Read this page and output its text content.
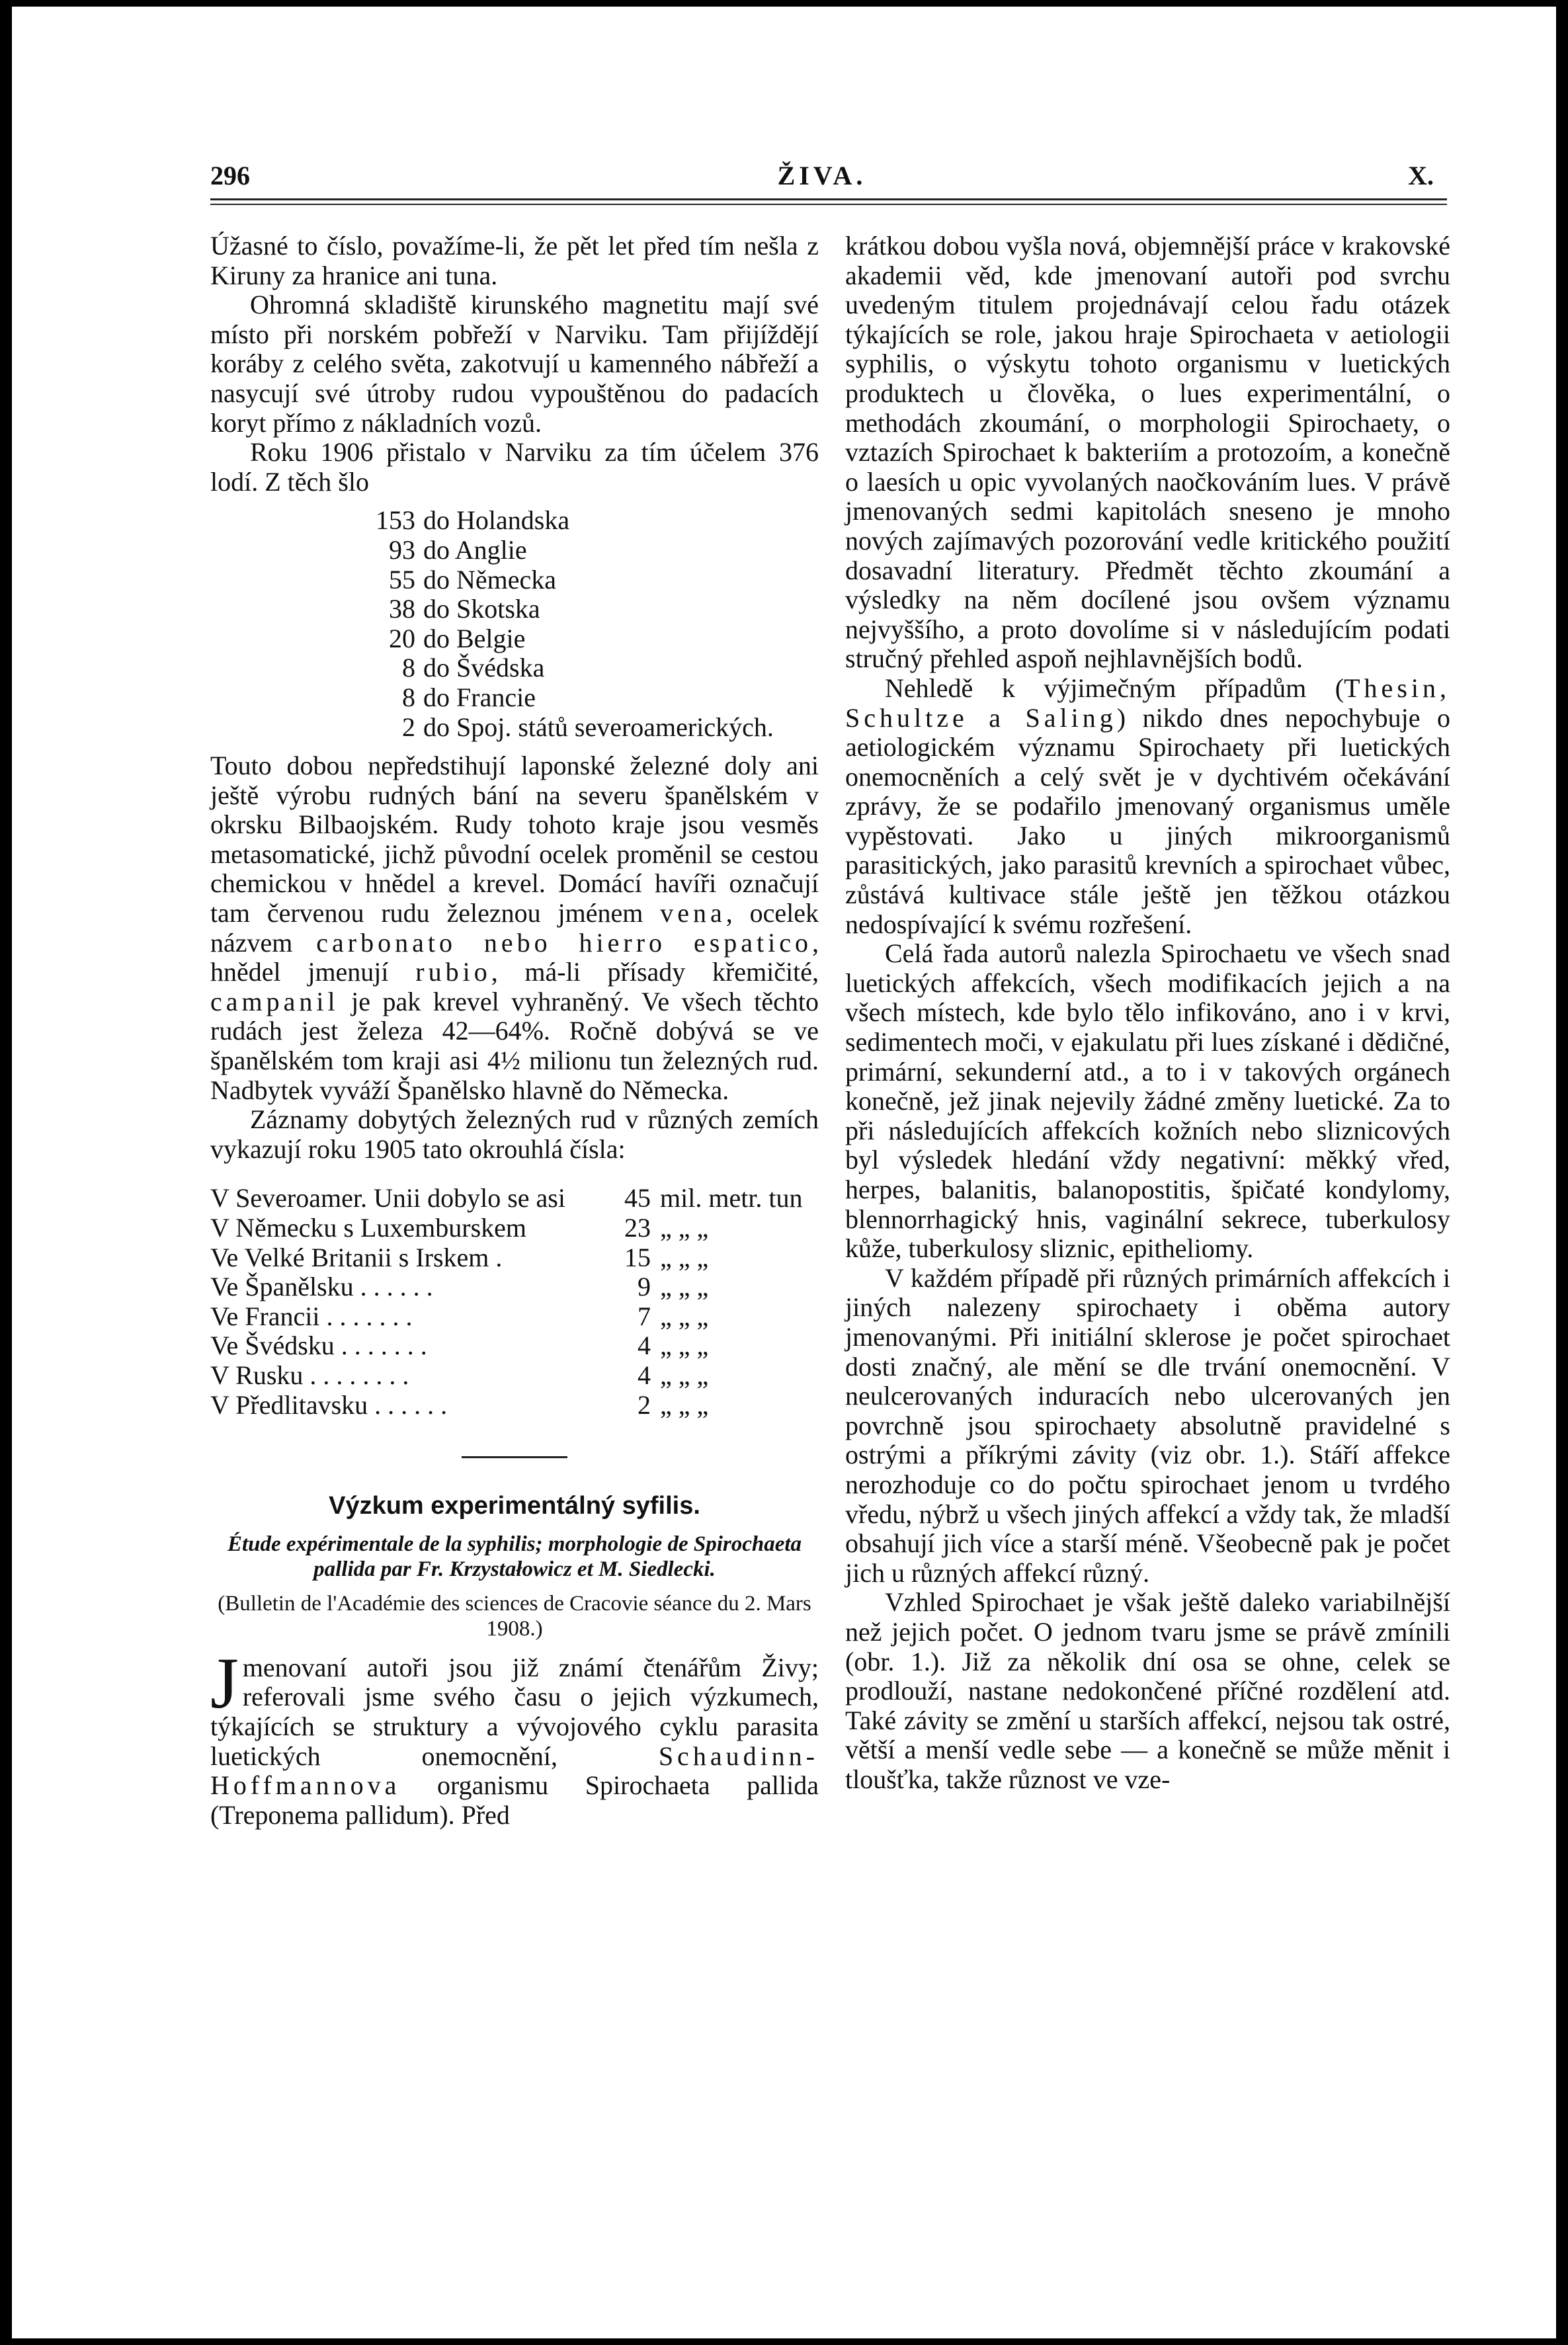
296	ŽIVA.	X.

Úžasné to číslo, považíme-li, že pět let před tím nešla z Kiruny za hranice ani tuna.

Ohromná skladiště kirunského magnetitu mají své místo při norském pobřeží v Narviku. Tam přijíždějí koráby z celého světa, zakotvují u kamenného nábřeží a nasycují své útroby rudou vypouštěnou do padacích koryt přímo z nákladních vozů.

Roku 1906 přistalo v Narviku za tím účelem 376 lodí. Z těch šlo

153 do Holandska
93 do Anglie
55 do Německa
38 do Skotska
20 do Belgie
8 do Švédska
8 do Francie
2 do Spoj. států severoamerických.

Touto dobou nepředstihují laponské železné doly ani ještě výrobu rudných bání na severu španělském v okrsku Bilbaojském. Rudy tohoto kraje jsou vesměs metasomatické, jichž původní ocelek proměnil se cestou chemickou v hnědel a krevel. Domácí havíři označují tam červenou rudu železnou jménem vena, ocelek názvem carbonato nebo hierro espatico, hnědel jmenují rubio, má-li přísady křemičité, campanil je pak krevel vyhraněný. Ve všech těchto rudách jest železa 42—64%. Ročně dobývá se ve španělském tom kraji asi 4½ milionu tun železných rud. Nadbytek vyváží Španělsko hlavně do Německa.

Záznamy dobytých železných rud v různých zemích vykazují roku 1905 tato okrouhlá čísla:

V Severoamer. Unii dobylo se asi	45 mil. metr. tun
V Německu s Luxemburskem	23 „ „ „
Ve Velké Britanii s Irskem .	15 „ „ „
Ve Španělsku . . . . . .	9 „ „ „
Ve Francii . . . . . . .	7 „ „ „
Ve Švédsku . . . . . . .	4 „ „ „
V Rusku . . . . . . . .	4 „ „ „
V Předlitavsku . . . . . .	2 „ „ „
Výzkum experimentálný syfilis.
Étude expérimentale de la syphilis; morphologie de Spirochaeta pallida par Fr. Krzystałowicz et M. Siedlecki.
(Bulletin de l'Académie des sciences de Cracovie séance du 2. Mars 1908.)

Jmenovaní autoři jsou již známí čtenářům Živy; referovali jsme svého času o jejich výzkumech, týkajících se struktury a vývojového cyklu parasita luetických onemocnění,	Schaudinn-Hoffmannova organismu Spirochaeta pallida (Treponema pallidum). Před

krátkou dobou vyšla nová, objemnější práce v krakovské akademii věd, kde jmenovaní autoři pod svrchu uvedeným titulem projednávají celou řadu otázek týkajících se role, jakou hraje Spirochaeta v aetiologii syphilis, o výskytu tohoto organismu v luetických produktech u člověka, o lues experimentální, o methodách zkoumání, o morphologii Spirochaety, o vztazích Spirochaet k bakteriím a protozoím, a konečně o laesích u opic vyvolaných naočkováním lues. V právě jmenovaných sedmi kapitolách sneseno je mnoho nových zajímavých pozorování vedle kritického použití dosavadní literatury. Předmět těchto zkoumání a výsledky na něm docílené jsou ovšem významu nejvyššího, a proto dovolíme si v následujícím podati stručný přehled aspoň nejhlavnějších bodů.

Nehledě k výjimečným případům (Thesin, Schultze a Saling) nikdo dnes nepochybuje o aetiologickém významu Spirochaety při luetických onemocněních a celý svět je v dychtivém očekávání zprávy, že se podařilo jmenovaný organismus uměle vypěstovati. Jako u jiných mikroorganismů parasitických, jako parasitů krevních a spirochaet vůbec, zůstává kultivace stále ještě jen těžkou otázkou nedospívající k svému rozřešení.

Celá řada autorů nalezla Spirochaetu ve všech snad luetických affekcích, všech modifikacích jejich a na všech místech, kde bylo tělo infikováno, ano i v krvi, sedimentech moči, v ejakulatu při lues získané i dědičné, primární, sekunderní atd., a to i v takových orgánech konečně, jež jinak nejevily žádné změny luetické. Za to při následujících affekcích kožních nebo sliznicových byl výsledek hledání vždy negativní: měkký vřed, herpes, balanitis, balanopostitis, špičaté kondylomy, blennorrhagický hnis, vaginální sekrece, tuberkulosy kůže, tuberkulosy sliznic, epitheliomy.

V každém případě při různých primárních affekcích i jiných nalezeny spirochaety i oběma autory jmenovanými. Při initiální sklerose je počet spirochaet dosti značný, ale mění se dle trvání onemocnění. V neulcerovaných induracích nebo ulcerovaných jen povrchně jsou spirochaety absolutně pravidelné s ostrými a příkrými závity (viz obr. 1.). Stáří affekce nerozhoduje co do počtu spirochaet jenom u tvrdého vředu, nýbrž u všech jiných affekcí a vždy tak, že mladší obsahují jich více a starší méně. Všeobecně pak je počet jich u různých affekcí různý.

Vzhled Spirochaet je však ještě daleko variabilnější než jejich počet. O jednom tvaru jsme se právě zmínili (obr. 1.). Již za několik dní osa se ohne, celek se prodlouží, nastane nedokončené příčné rozdělení atd. Také závity se změní u starších affekcí, nejsou tak ostré, větší a menší vedle sebe — a konečně se může měnit i tloušťka, takže různost ve vze-
